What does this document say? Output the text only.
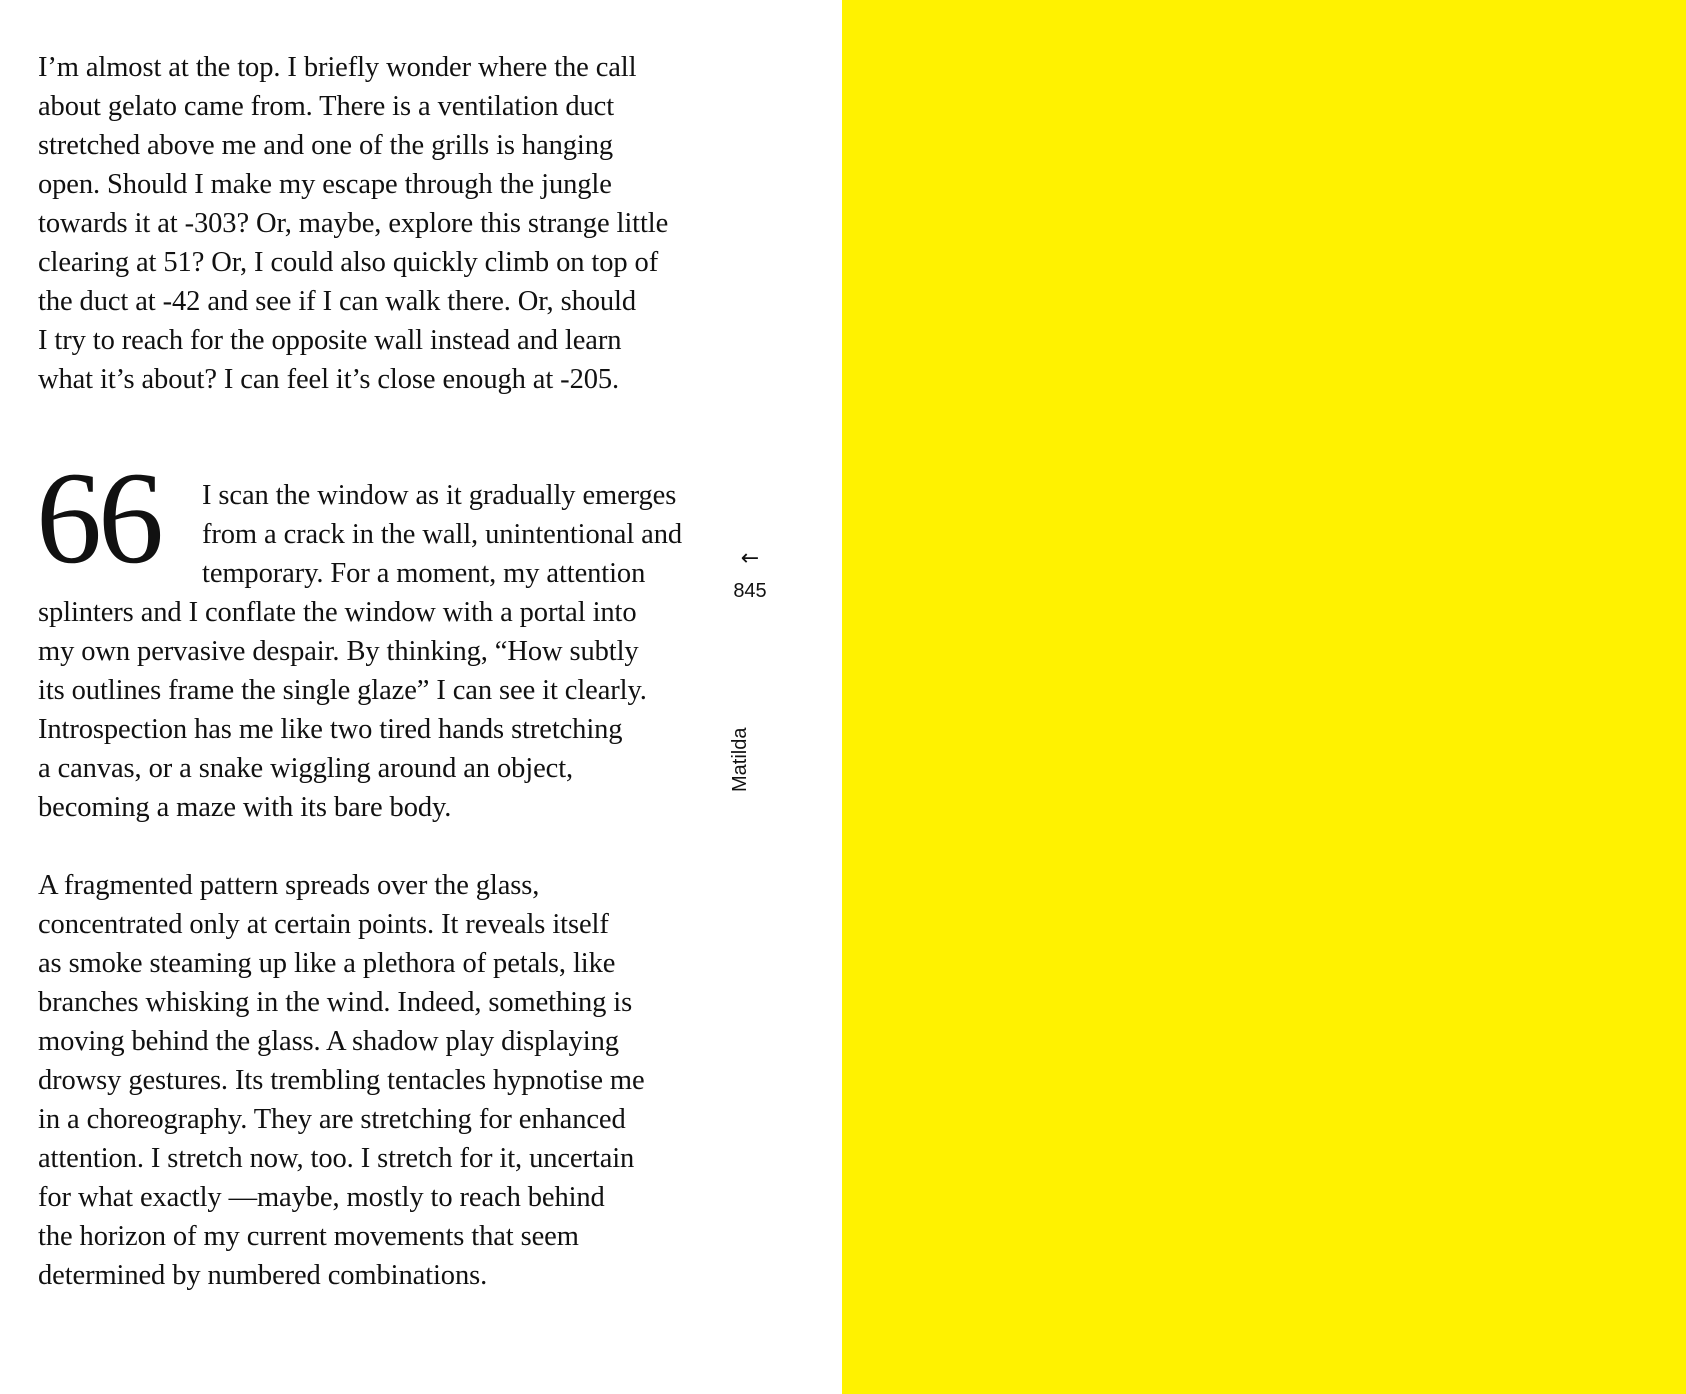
I’m almost at the top. I briefly wonder where the call
about gelato came from. There is a ventilation duct
stretched above me and one of the grills is hanging
open. Should I make my escape through the jungle
towards it at -303? Or, maybe, explore this strange little
clearing at 51? Or, I could also quickly climb on top of
the duct at -42 and see if I can walk there. Or, should
I try to reach for the opposite wall instead and learn
what it’s about? I can feel it’s close enough at -205.

66	I scan the window as it gradually emerges
from a crack in the wall, unintentional and
temporary. For a moment, my attention
splinters and I conflate the window with a portal into
my own pervasive despair. By thinking, “How subtly
its outlines frame the single glaze” I can see it clearly.
Introspection has me like two tired hands stretching
a canvas, or a snake wiggling around an object,
becoming a maze with its bare body.

←
845
Matilda

A fragmented pattern spreads over the glass,
concentrated only at certain points. It reveals itself
as smoke steaming up like a plethora of petals, like
branches whisking in the wind. Indeed, something is
moving behind the glass. A shadow play displaying
drowsy gestures. Its trembling tentacles hypnotise me
in a choreography. They are stretching for enhanced
attention. I stretch now, too. I stretch for it, uncertain
for what exactly —maybe, mostly to reach behind
the horizon of my current movements that seem
determined by numbered combinations.
